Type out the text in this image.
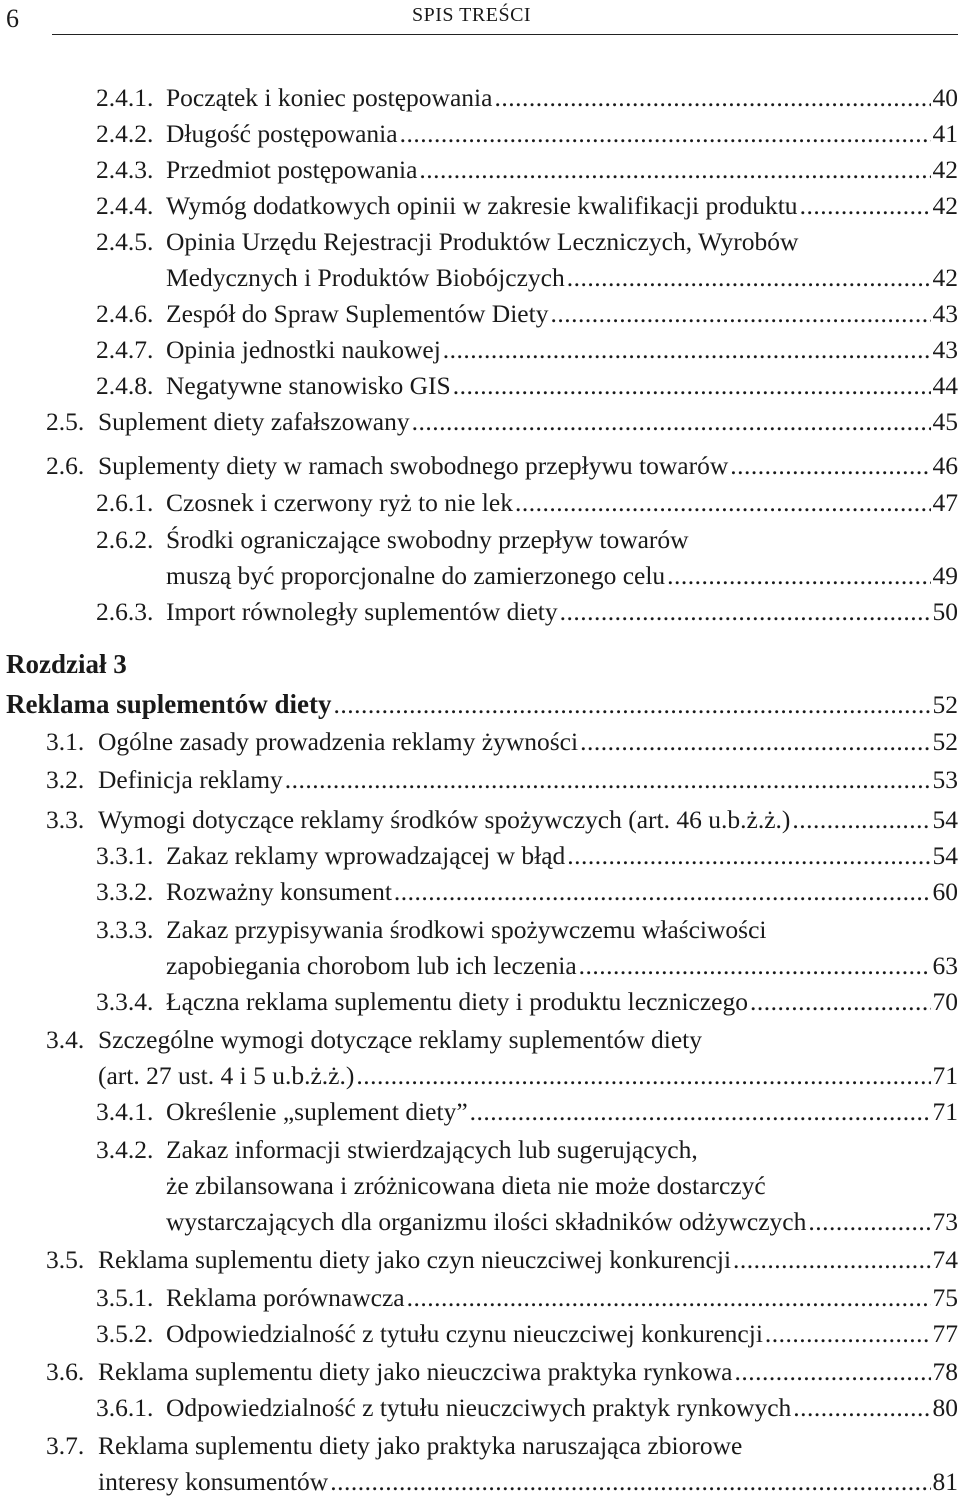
6	SPIS TREŚCI
2.4.1. Początek i koniec postępowania .....	40
2.4.2. Długość postępowania .....	41
2.4.3. Przedmiot postępowania .....	42
2.4.4. Wymóg dodatkowych opinii w zakresie kwalifikacji produktu .....	42
2.4.5. Opinia Urzędu Rejestracji Produktów Leczniczych, Wyrobów
Medycznych i Produktów Biobójczych .....	42
2.4.6. Zespół do Spraw Suplementów Diety .....	43
2.4.7. Opinia jednostki naukowej .....	43
2.4.8. Negatywne stanowisko GIS .....	44
2.5. Suplement diety zafałszowany .....	45
2.6. Suplementy diety w ramach swobodnego przepływu towarów .....	46
2.6.1. Czosnek i czerwony ryż to nie lek .....	47
2.6.2. Środki ograniczające swobodny przepływ towarów
muszą być proporcjonalne do zamierzonego celu .....	49
2.6.3. Import równoległy suplementów diety .....	50
Rozdział 3
Reklama suplementów diety .....	52
3.1. Ogólne zasady prowadzenia reklamy żywności .....	52
3.2. Definicja reklamy .....	53
3.3. Wymogi dotyczące reklamy środków spożywczych (art. 46 u.b.ż.ż.) .....	54
3.3.1. Zakaz reklamy wprowadzającej w błąd .....	54
3.3.2. Rozważny konsument .....	60
3.3.3. Zakaz przypisywania środkowi spożywczemu właściwości
zapobiegania chorobom lub ich leczenia .....	63
3.3.4. Łączna reklama suplementu diety i produktu leczniczego .....	70
3.4. Szczególne wymogi dotyczące reklamy suplementów diety
(art. 27 ust. 4 i 5 u.b.ż.ż.) .....	71
3.4.1. Określenie „suplement diety” .....	71
3.4.2. Zakaz informacji stwierdzających lub sugerujących,
że zbilansowana i zróżnicowana dieta nie może dostarczyć
wystarczających dla organizmu ilości składników odżywczych .....	73
3.5. Reklama suplementu diety jako czyn nieuczciwej konkurencji .....	74
3.5.1. Reklama porównawcza .....	75
3.5.2. Odpowiedzialność z tytułu czynu nieuczciwej konkurencji .....	77
3.6. Reklama suplementu diety jako nieuczciwa praktyka rynkowa .....	78
3.6.1. Odpowiedzialność z tytułu nieuczciwych praktyk rynkowych .....	80
3.7. Reklama suplementu diety jako praktyka naruszająca zbiorowe
interesy konsumentów .....	81
